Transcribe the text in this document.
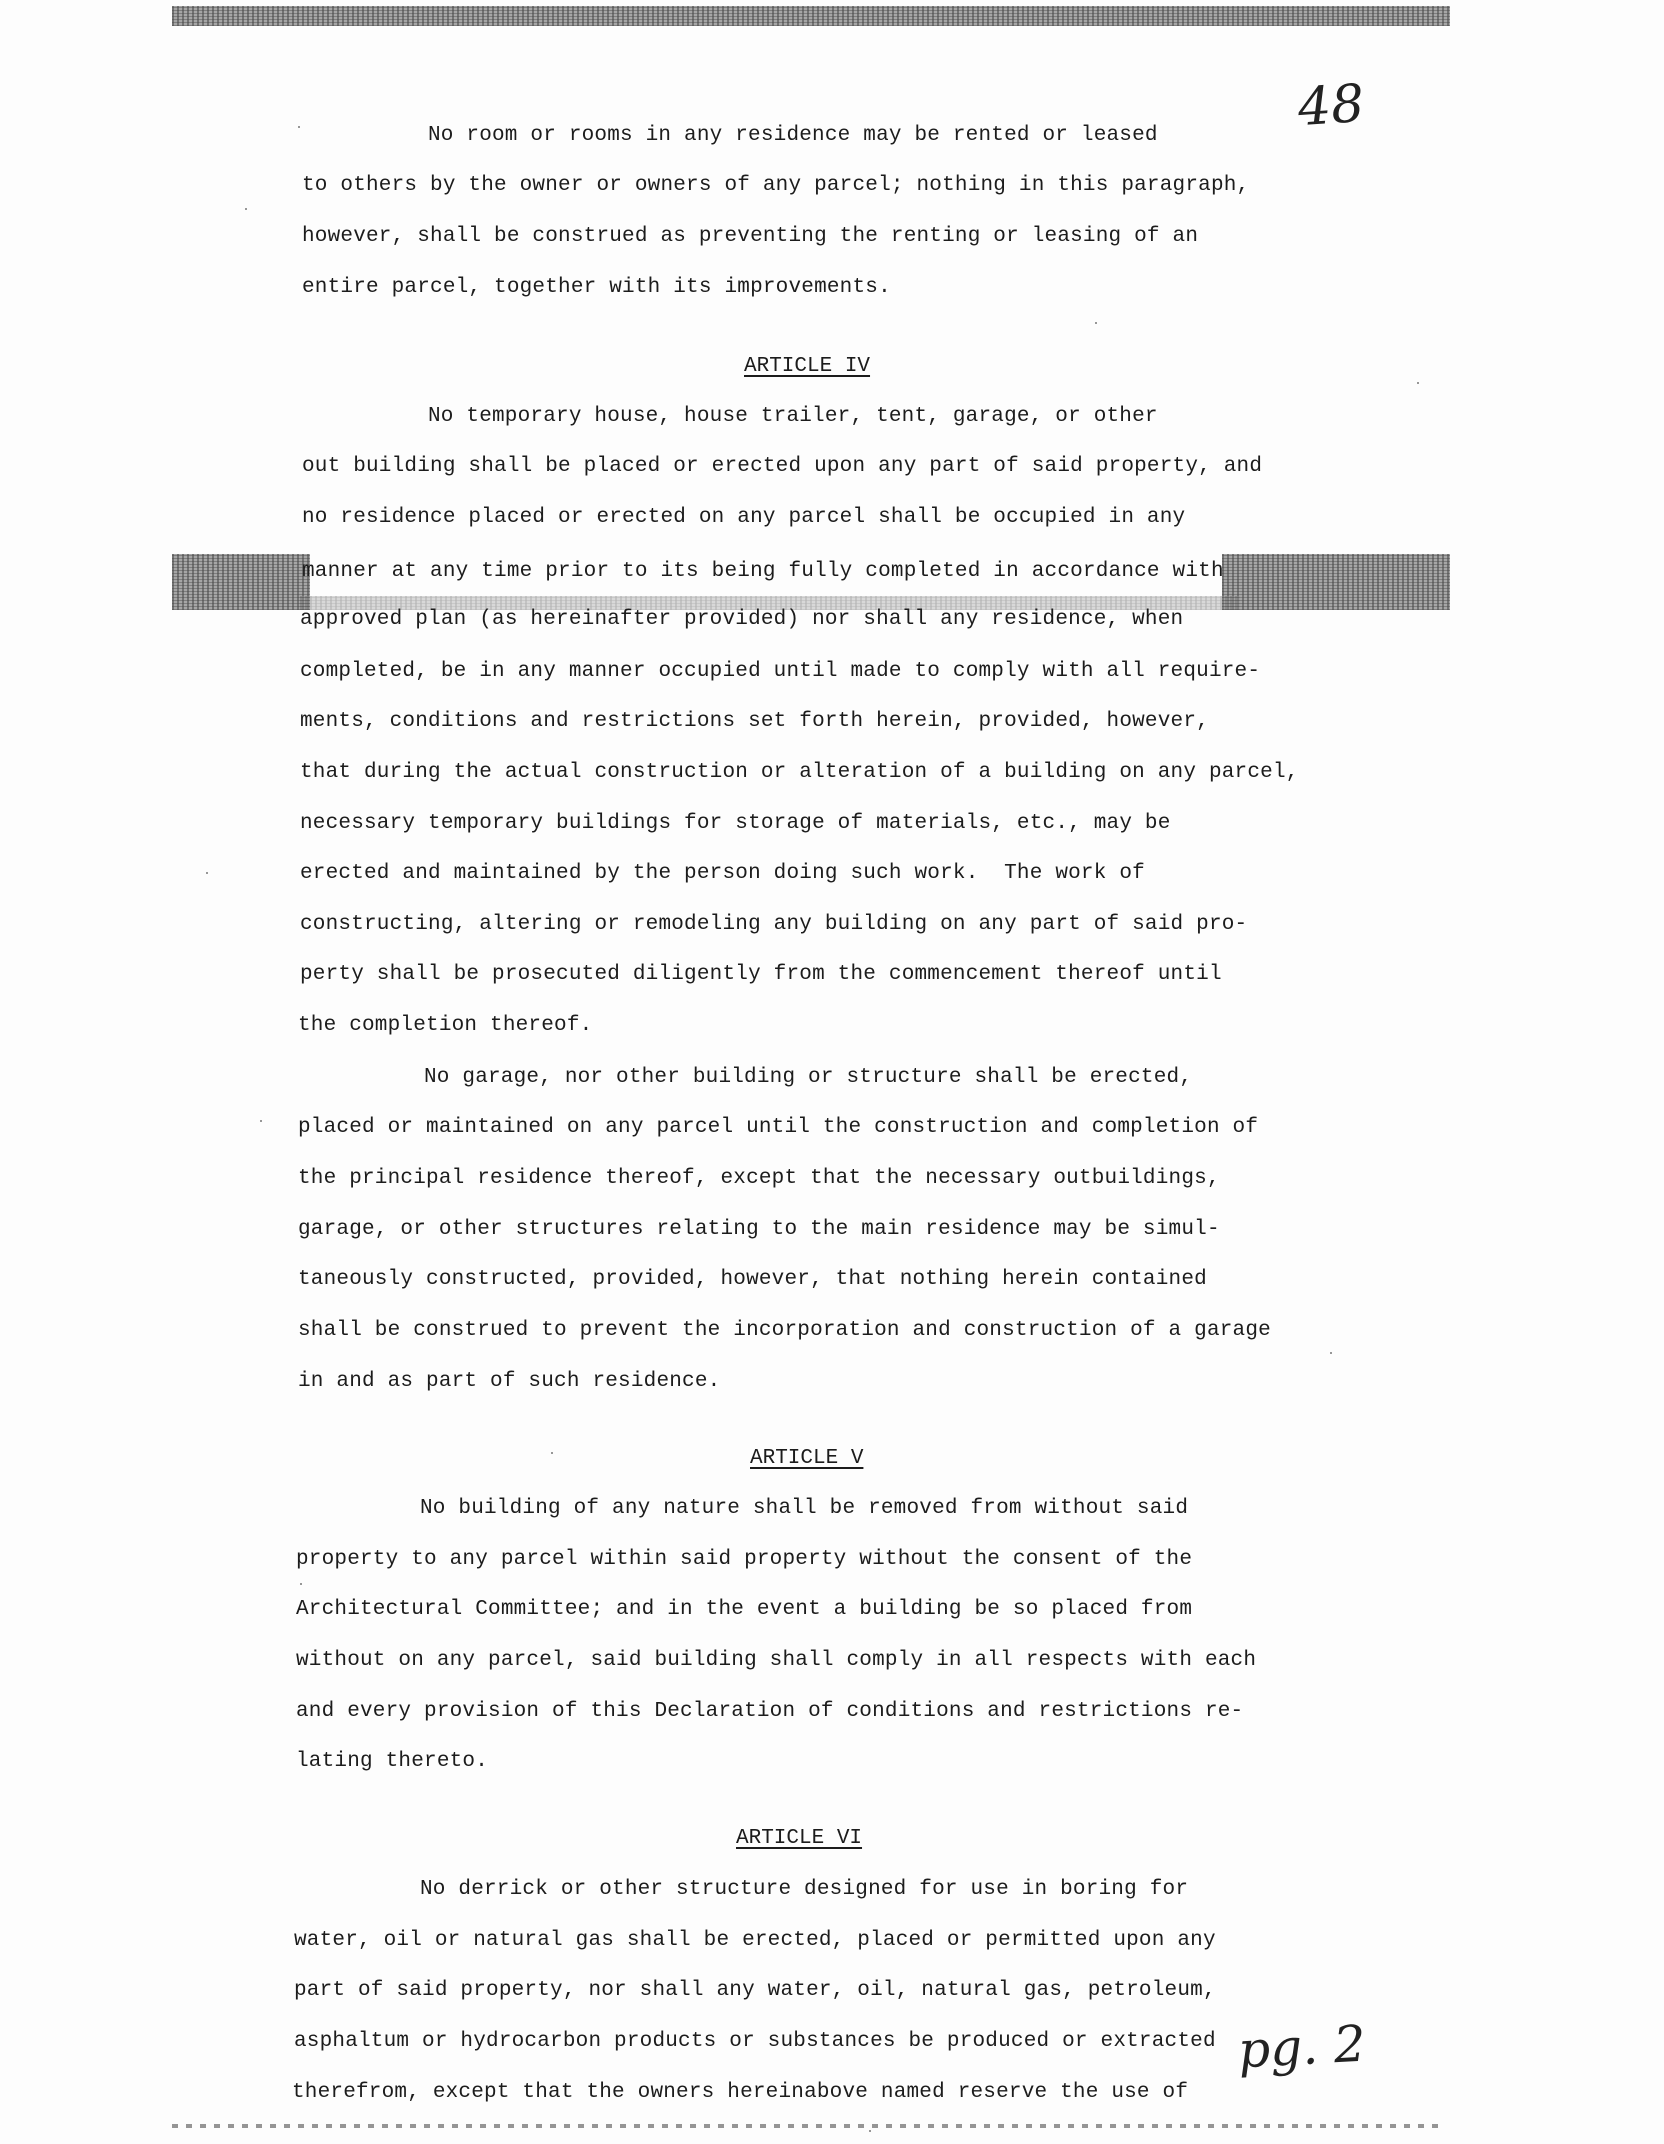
48
pg. 2
No room or rooms in any residence may be rented or leased
to others by the owner or owners of any parcel; nothing in this paragraph,
however, shall be construed as preventing the renting or leasing of an
entire parcel, together with its improvements.
ARTICLE IV
No temporary house, house trailer, tent, garage, or other
out building shall be placed or erected upon any part of said property, and
no residence placed or erected on any parcel shall be occupied in any
manner at any time prior to its being fully completed in accordance with
approved plan (as hereinafter provided) nor shall any residence, when
completed, be in any manner occupied until made to comply with all require-
ments, conditions and restrictions set forth herein, provided, however,
that during the actual construction or alteration of a building on any parcel,
necessary temporary buildings for storage of materials, etc., may be
erected and maintained by the person doing such work.  The work of
constructing, altering or remodeling any building on any part of said pro-
perty shall be prosecuted diligently from the commencement thereof until
the completion thereof.
No garage, nor other building or structure shall be erected,
placed or maintained on any parcel until the construction and completion of
the principal residence thereof, except that the necessary outbuildings,
garage, or other structures relating to the main residence may be simul-
taneously constructed, provided, however, that nothing herein contained
shall be construed to prevent the incorporation and construction of a garage
in and as part of such residence.
ARTICLE V
No building of any nature shall be removed from without said
property to any parcel within said property without the consent of the
Architectural Committee; and in the event a building be so placed from
without on any parcel, said building shall comply in all respects with each
and every provision of this Declaration of conditions and restrictions re-
lating thereto.
ARTICLE VI
No derrick or other structure designed for use in boring for
water, oil or natural gas shall be erected, placed or permitted upon any
part of said property, nor shall any water, oil, natural gas, petroleum,
asphaltum or hydrocarbon products or substances be produced or extracted
therefrom, except that the owners hereinabove named reserve the use of
